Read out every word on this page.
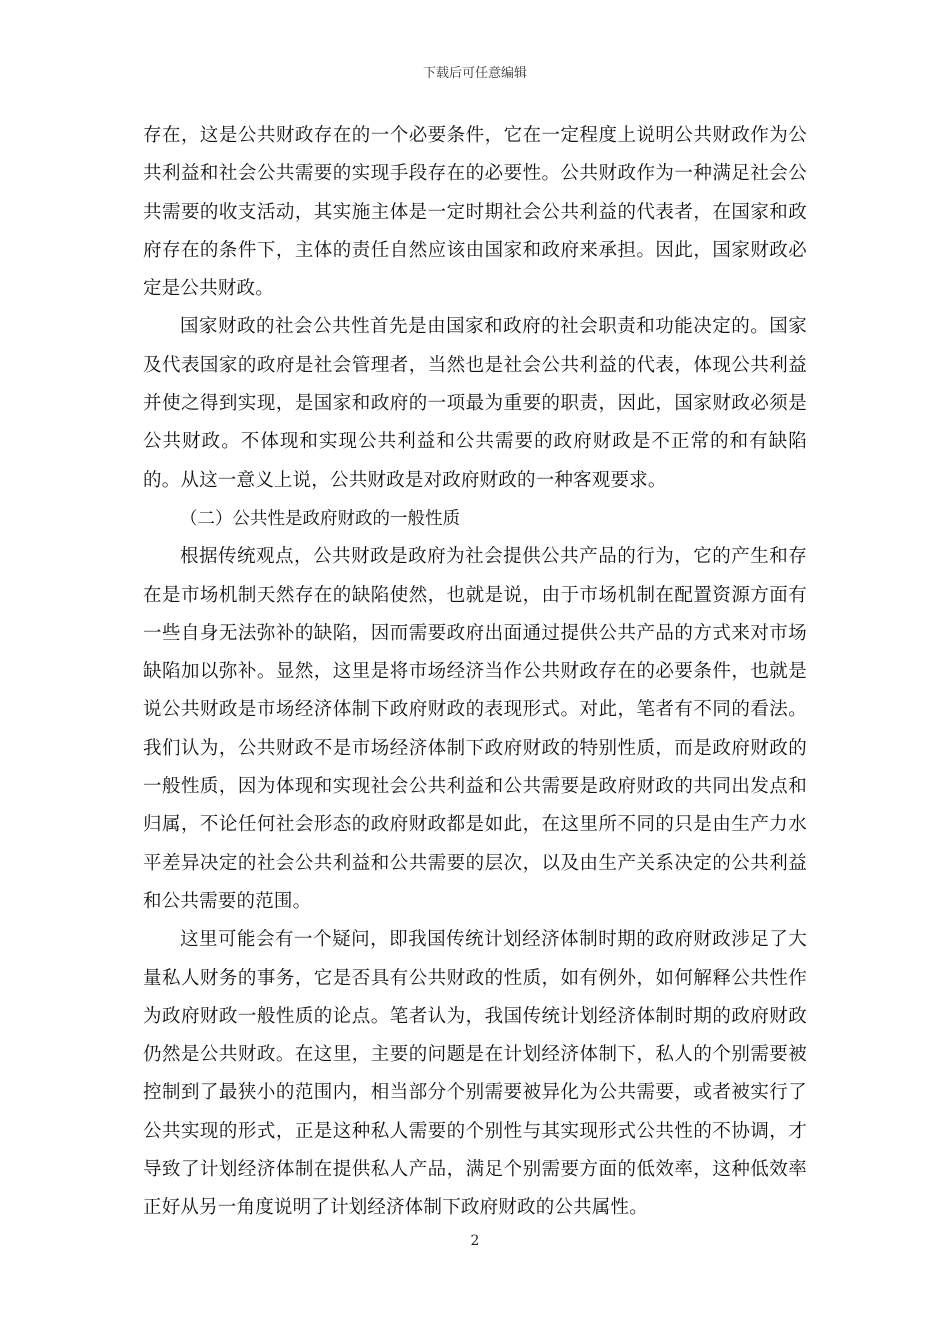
下载后可任意编辑

存在，这是公共财政存在的一个必要条件，它在一定程度上说明公共财政作为公共利益和社会公共需要的实现手段存在的必要性。公共财政作为一种满足社会公共需要的收支活动，其实施主体是一定时期社会公共利益的代表者，在国家和政府存在的条件下，主体的责任自然应该由国家和政府来承担。因此，国家财政必定是公共财政。

国家财政的社会公共性首先是由国家和政府的社会职责和功能决定的。国家及代表国家的政府是社会管理者，当然也是社会公共利益的代表，体现公共利益并使之得到实现，是国家和政府的一项最为重要的职责，因此，国家财政必须是公共财政。不体现和实现公共利益和公共需要的政府财政是不正常的和有缺陷的。从这一意义上说，公共财政是对政府财政的一种客观要求。

（二）公共性是政府财政的一般性质

根据传统观点，公共财政是政府为社会提供公共产品的行为，它的产生和存在是市场机制天然存在的缺陷使然，也就是说，由于市场机制在配置资源方面有一些自身无法弥补的缺陷，因而需要政府出面通过提供公共产品的方式来对市场缺陷加以弥补。显然，这里是将市场经济当作公共财政存在的必要条件，也就是说公共财政是市场经济体制下政府财政的表现形式。对此，笔者有不同的看法。我们认为，公共财政不是市场经济体制下政府财政的特别性质，而是政府财政的一般性质，因为体现和实现社会公共利益和公共需要是政府财政的共同出发点和归属，不论任何社会形态的政府财政都是如此，在这里所不同的只是由生产力水平差异决定的社会公共利益和公共需要的层次，以及由生产关系决定的公共利益和公共需要的范围。

这里可能会有一个疑问，即我国传统计划经济体制时期的政府财政涉足了大量私人财务的事务，它是否具有公共财政的性质，如有例外，如何解释公共性作为政府财政一般性质的论点。笔者认为，我国传统计划经济体制时期的政府财政仍然是公共财政。在这里，主要的问题是在计划经济体制下，私人的个别需要被控制到了最狭小的范围内，相当部分个别需要被异化为公共需要，或者被实行了公共实现的形式，正是这种私人需要的个别性与其实现形式公共性的不协调，才导致了计划经济体制在提供私人产品，满足个别需要方面的低效率，这种低效率正好从另一角度说明了计划经济体制下政府财政的公共属性。

2
